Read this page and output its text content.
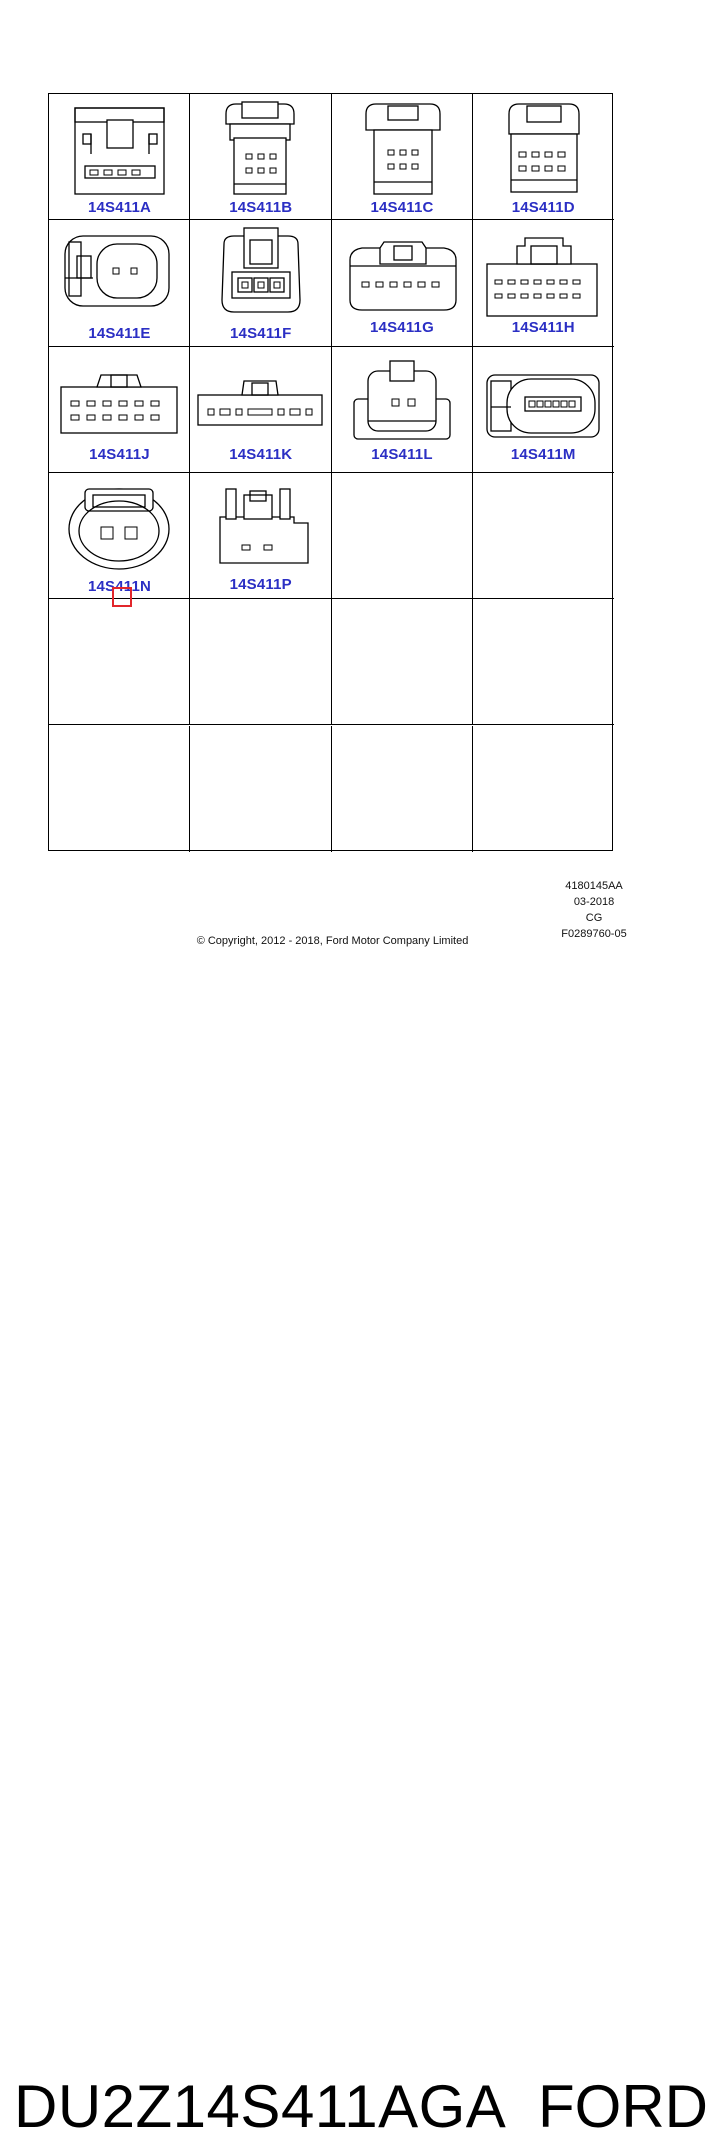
14S411A	14S411B	14S411C	14S411D
14S411E	14S411F	14S411G	14S411H
14S411J	14S411K	14S411L	14S411M
14S411N	14S411P
4180145AA
03-2018
CG
F0289760-05
© Copyright, 2012 - 2018, Ford Motor Company Limited
DU2Z14S411AGA FORD
